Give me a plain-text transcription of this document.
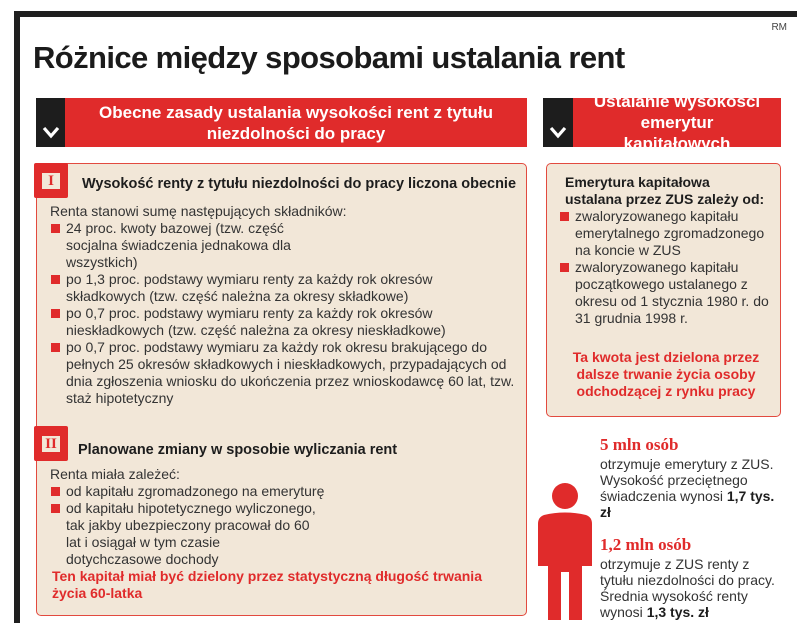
RM
Różnice między sposobami ustalania rent
Obecne zasady ustalania wysokości rent z tytułu niezdolności do pracy
I	Wysokość renty z tytułu niezdolności do pracy liczona obecnie
Renta stanowi sumę następujących składników:
24 proc. kwoty bazowej (tzw. część socjalna świadczenia jednakowa dla wszystkich)
po 1,3 proc. podstawy wymiaru renty za każdy rok okresów składkowych (tzw. część należna za okresy składkowe)
po 0,7 proc. podstawy wymiaru renty za każdy rok okresów nieskładkowych (tzw. część należna za okresy nieskładkowe)
po 0,7 proc. podstawy wymiaru za każdy rok okresu brakującego do pełnych 25 okresów składkowych i nieskładkowych, przypadających od dnia zgłoszenia wniosku do ukończenia przez wnioskodawcę 60 lat, tzw. staż hipotetyczny
II Planowane zmiany w sposobie wyliczania rent
Renta miała zależeć:
od kapitału zgromadzonego na emeryturę
od kapitału hipotetycznego wyliczonego, tak jakby ubezpieczony pracował do 60 lat i osiągał w tym czasie dotychczasowe dochody
Ten kapitał miał być dzielony przez statystyczną długość trwania życia 60-latka
Ustalanie wysokości emerytur kapitałowych
Emerytura kapitałowa ustalana przez ZUS zależy od:
zwaloryzowanego kapitału emerytalnego zgromadzonego na koncie w ZUS
zwaloryzowanego kapitału początkowego ustalanego z okresu od 1 stycznia 1980 r. do 31 grudnia 1998 r.
Ta kwota jest dzielona przez dalsze trwanie życia osoby odchodzącej z rynku pracy
5 mln osób
otrzymuje emerytury z ZUS. Wysokość przeciętnego świadczenia wynosi 1,7 tys. zł
1,2 mln osób
otrzymuje z ZUS renty z tytułu niezdolności do pracy. Średnia wysokość renty wynosi 1,3 tys. zł
